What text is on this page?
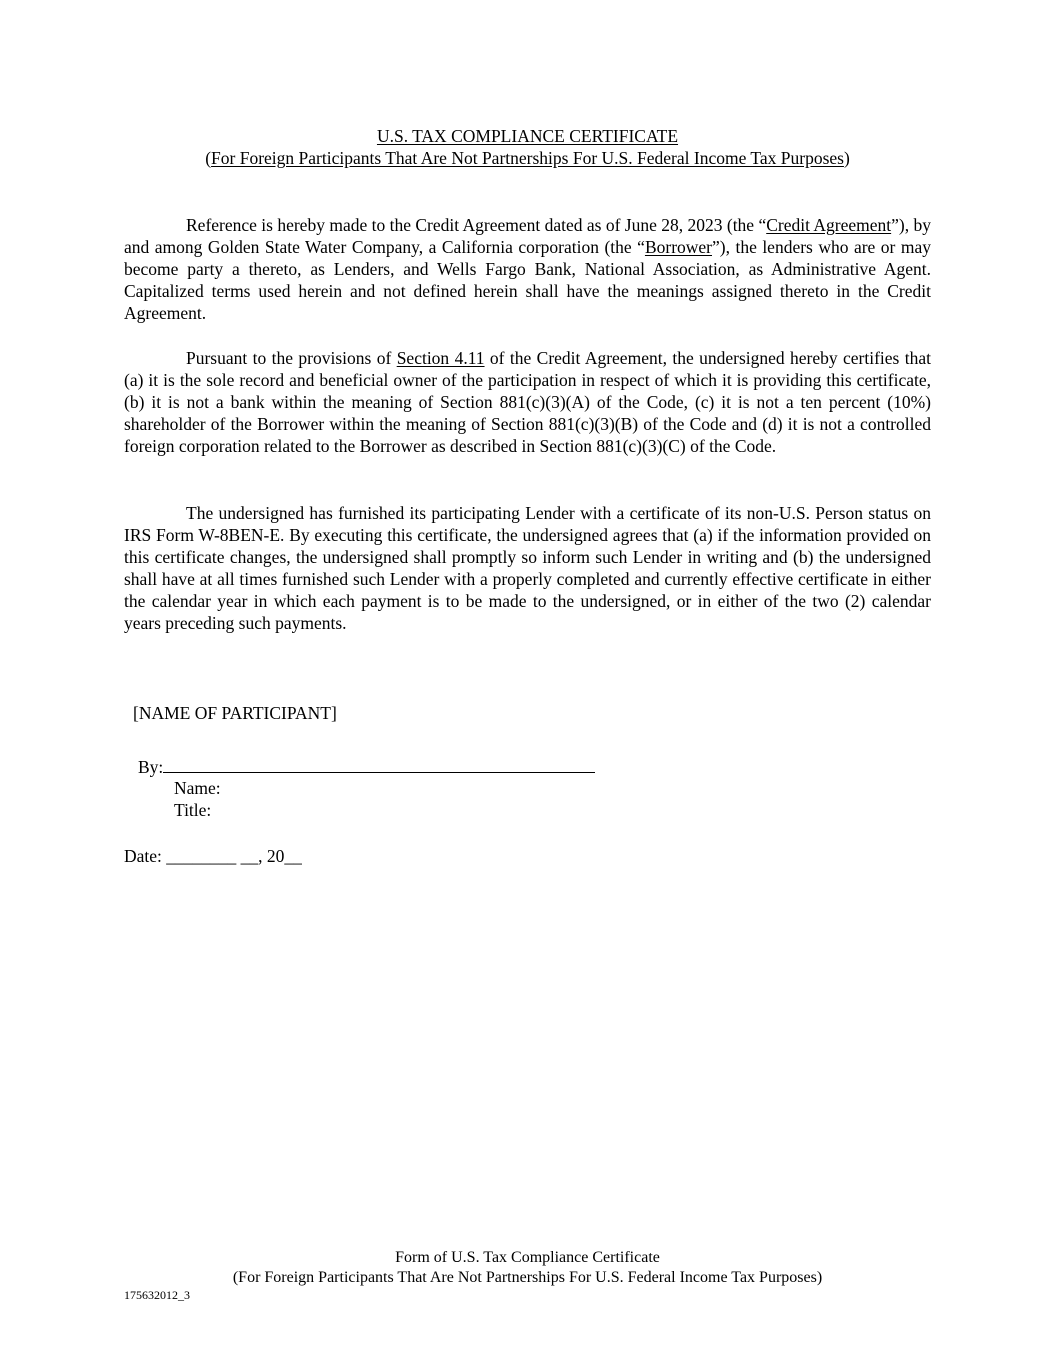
U.S. TAX COMPLIANCE CERTIFICATE
(For Foreign Participants That Are Not Partnerships For U.S. Federal Income Tax Purposes)

Reference is hereby made to the Credit Agreement dated as of June 28, 2023 (the “Credit Agreement”), by and among Golden State Water Company, a California corporation (the “Borrower”), the lenders who are or may become party a thereto, as Lenders, and Wells Fargo Bank, National Association, as Administrative Agent. Capitalized terms used herein and not defined herein shall have the meanings assigned thereto in the Credit Agreement.

Pursuant to the provisions of Section 4.11 of the Credit Agreement, the undersigned hereby certifies that (a) it is the sole record and beneficial owner of the participation in respect of which it is providing this certificate, (b) it is not a bank within the meaning of Section 881(c)(3)(A) of the Code, (c) it is not a ten percent (10%) shareholder of the Borrower within the meaning of Section 881(c)(3)(B) of the Code and (d) it is not a controlled foreign corporation related to the Borrower as described in Section 881(c)(3)(C) of the Code.

The undersigned has furnished its participating Lender with a certificate of its non-U.S. Person status on IRS Form W-8BEN-E. By executing this certificate, the undersigned agrees that (a) if the information provided on this certificate changes, the undersigned shall promptly so inform such Lender in writing and (b) the undersigned shall have at all times furnished such Lender with a properly completed and currently effective certificate in either the calendar year in which each payment is to be made to the undersigned, or in either of the two (2) calendar years preceding such payments.

[NAME OF PARTICIPANT]
By:
Name:
Title:
Date: ________ __, 20__
Form of U.S. Tax Compliance Certificate
(For Foreign Participants That Are Not Partnerships For U.S. Federal Income Tax Purposes)
175632012_3
